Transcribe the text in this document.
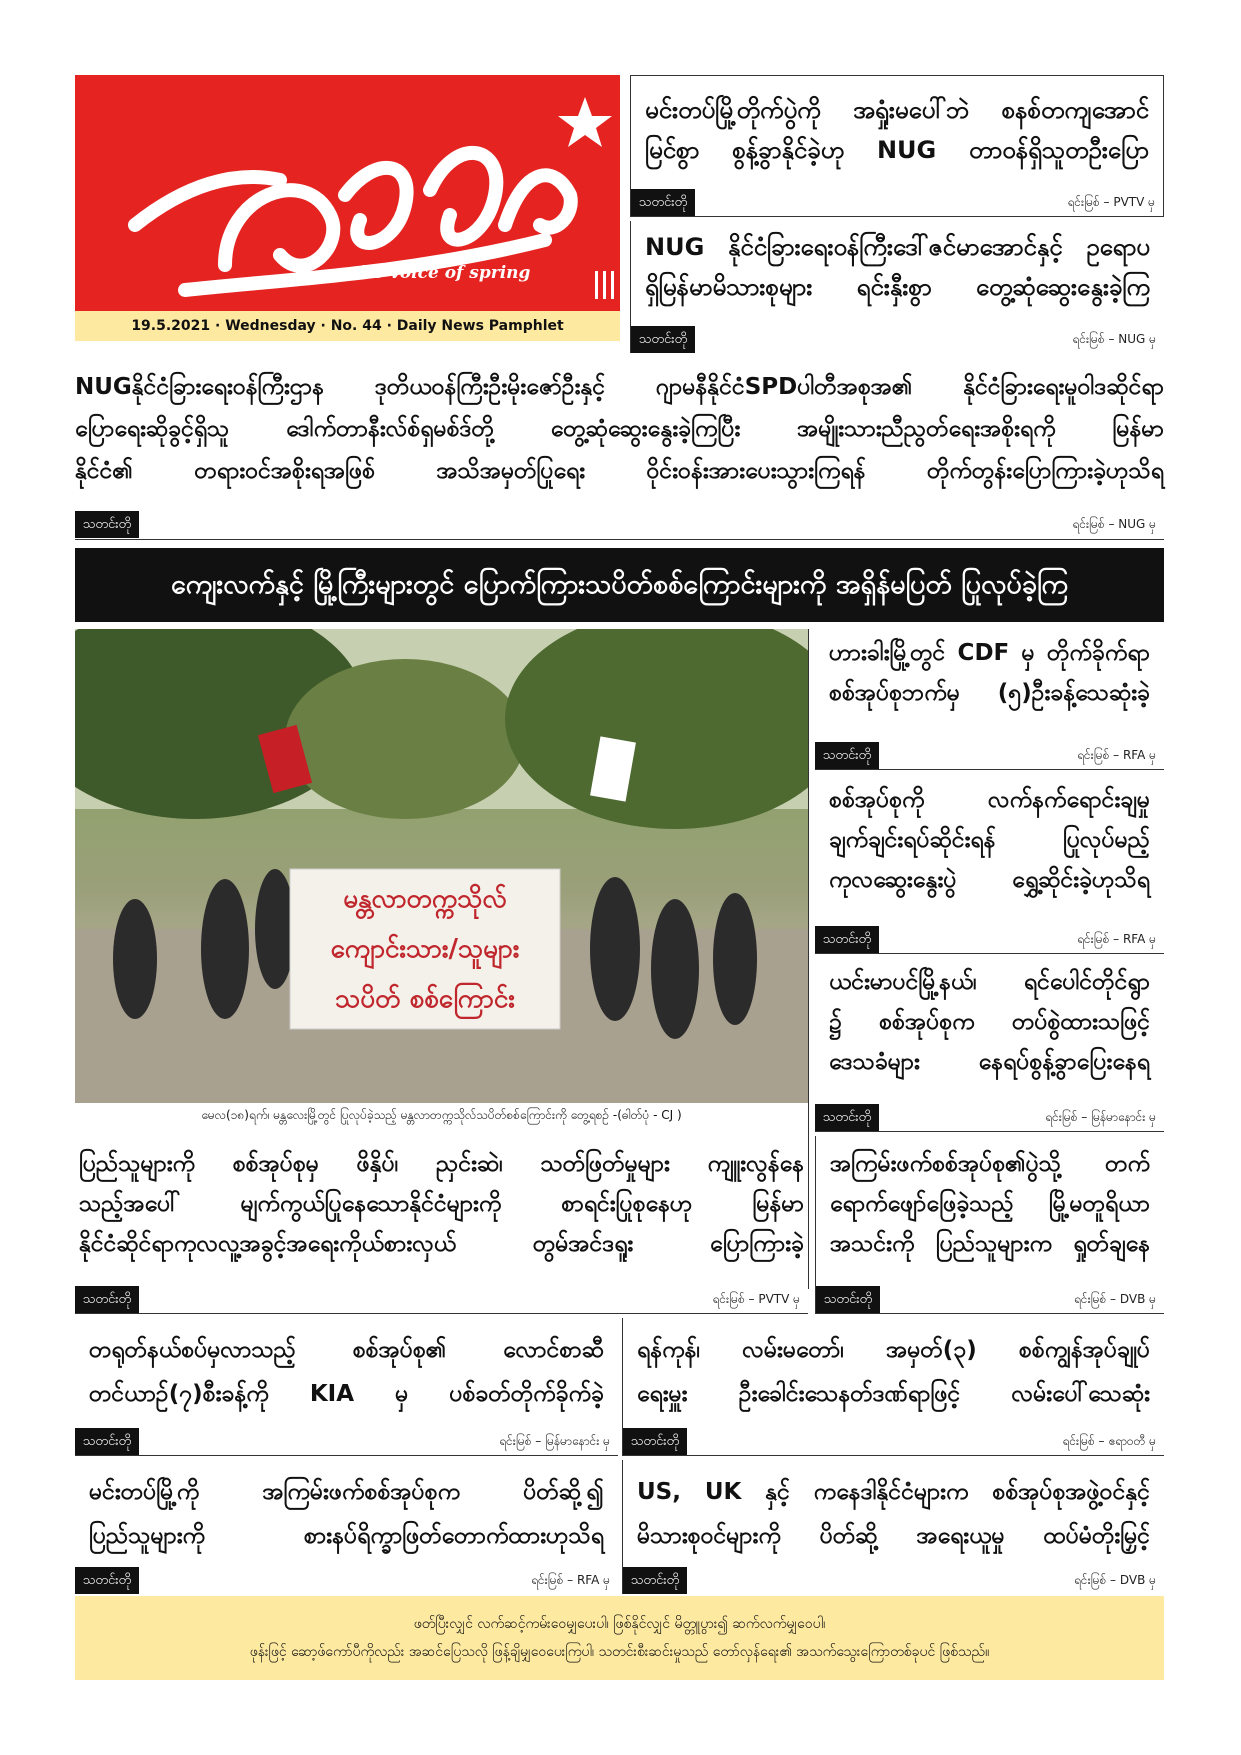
the voice of spring
19.5.2021 · Wednesday · No. 44 · Daily News Pamphlet
မင်းတပ်မြို့တိုက်ပွဲကို အရှုံးမပေါ်ဘဲ စနစ်တကျအောင်
မြင်စွာ စွန့်ခွာနိုင်ခဲ့ဟု NUG တာဝန်ရှိသူတဦးပြော
သတင်းတို	ရင်းမြစ် – PVTV မှ
NUG နိုင်ငံခြားရေးဝန်ကြီးဒေါ်ဇင်မာအောင်နှင့် ဥရောပ
ရှိမြန်မာမိသားစုများ ရင်းနှီးစွာ တွေ့ဆုံဆွေးနွေးခဲ့ကြ
သတင်းတို	ရင်းမြစ် – NUG မှ
NUGနိုင်ငံခြားရေးဝန်ကြီးဌာန ဒုတိယဝန်ကြီးဦးမိုးဇော်ဦးနှင့် ဂျာမနီနိုင်ငံSPDပါတီအစုအ၏ နိုင်ငံခြားရေးမူဝါဒဆိုင်ရာ
ပြောရေးဆိုခွင့်ရှိသူ ဒေါက်တာနီးလ်စ်ရှမစ်ဒ်တို့ တွေ့ဆုံဆွေးနွေးခဲ့ကြပြီး အမျိုးသားညီညွတ်ရေးအစိုးရကို မြန်မာ
နိုင်ငံ၏ တရားဝင်အစိုးရအဖြစ် အသိအမှတ်ပြုရေး ဝိုင်းဝန်းအားပေးသွားကြရန် တိုက်တွန်းပြောကြားခဲ့ဟုသိရ
သတင်းတို	ရင်းမြစ် – NUG မှ
ကျေးလက်နှင့် မြို့ကြီးများတွင် ပြောက်ကြားသပိတ်စစ်ကြောင်းများကို အရှိန်မပြတ် ပြုလုပ်ခဲ့ကြ
မန္တလာတက္ကသိုလ်
ကျောင်းသား/သူများ
သပိတ် စစ်ကြောင်း
မေလ(၁၈)ရက်၊ မန္တလေးမြို့တွင် ပြုလုပ်ခဲ့သည့် မန္တလာတက္ကသိုလ်သပိတ်စစ်ကြောင်းကို တွေ့ရစဉ် -(ဓါတ်ပုံ - CJ )
ဟားခါးမြို့တွင် CDF မှ တိုက်ခိုက်ရာ
စစ်အုပ်စုဘက်မှ (၅)ဦးခန့်သေဆုံးခဲ့
သတင်းတို	ရင်းမြစ် – RFA မှ
စစ်အုပ်စုကို လက်နက်ရောင်းချမှု
ချက်ချင်းရပ်ဆိုင်းရန် ပြုလုပ်မည့်
ကုလဆွေးနွေးပွဲ ရွှေ့ဆိုင်းခဲ့ဟုသိရ
သတင်းတို	ရင်းမြစ် – RFA မှ
ယင်းမာပင်မြို့နယ်၊ ရင်ပေါင်တိုင်ရွာ
၌ စစ်အုပ်စုက တပ်စွဲထားသဖြင့်
ဒေသခံများ နေရပ်စွန့်ခွာပြေးနေရ
သတင်းတို	ရင်းမြစ် – မြန်မာနောင်း မှ
ပြည်သူများကို စစ်အုပ်စုမှ ဖိနှိပ်၊ ညှင်းဆဲ၊ သတ်ဖြတ်မှုများ ကျူးလွန်နေ
သည့်အပေါ် မျက်ကွယ်ပြုနေသောနိုင်ငံများကို စာရင်းပြုစုနေဟု မြန်မာ
နိုင်ငံဆိုင်ရာကုလလူ့အခွင့်အရေးကိုယ်စားလှယ် တွမ်အင်ဒရူး ပြောကြားခဲ့
သတင်းတို	ရင်းမြစ် – PVTV မှ
အကြမ်းဖက်စစ်အုပ်စု၏ပွဲသို့ တက်
ရောက်ဖျော်ဖြေခဲ့သည့် မြို့မတူရိယာ
အသင်းကို ပြည်သူများက ရှုတ်ချနေ
သတင်းတို	ရင်းမြစ် – DVB မှ
တရုတ်နယ်စပ်မှလာသည့် စစ်အုပ်စု၏ လောင်စာဆီ
တင်ယာဉ်(၇)စီးခန့်ကို KIA မှ ပစ်ခတ်တိုက်ခိုက်ခဲ့
သတင်းတို	ရင်းမြစ် – မြန်မာနောင်း မှ
ရန်ကုန်၊ လမ်းမတော်၊ အမှတ်(၃) စစ်ကျွန်အုပ်ချုပ်
ရေးမှူး ဦးခေါင်းသေနတ်ဒဏ်ရာဖြင့် လမ်းပေါ်သေဆုံး
သတင်းတို	ရင်းမြစ် – ဧရာဝတီ မှ
မင်းတပ်မြို့ကို အကြမ်းဖက်စစ်အုပ်စုက ပိတ်ဆို့၍
ပြည်သူများကို စားနပ်ရိက္ခာဖြတ်တောက်ထားဟုသိရ
သတင်းတို	ရင်းမြစ် – RFA မှ
US, UK နှင့် ကနေဒါနိုင်ငံများက စစ်အုပ်စုအဖွဲ့ဝင်နှင့်
မိသားစုဝင်များကို ပိတ်ဆို့ အရေးယူမှု ထပ်မံတိုးမြှင့်
သတင်းတို	ရင်းမြစ် – DVB မှ
ဖတ်ပြီးလျှင် လက်ဆင့်ကမ်းဝေမျှပေးပါ၊ ဖြစ်နိုင်လျှင် မိတ္တူပွား၍ ဆက်လက်မျှဝေပါ၊
ဖုန်းဖြင့် ဆော့ဖ်ကော်ပီကိုလည်း အဆင်ပြေသလို ဖြန့်ချိမျှဝေပေးကြပါ၊ သတင်းစီးဆင်းမှုသည် တော်လှန်ရေး၏ အသက်သွေးကြောတစ်ခုပင် ဖြစ်သည်။
